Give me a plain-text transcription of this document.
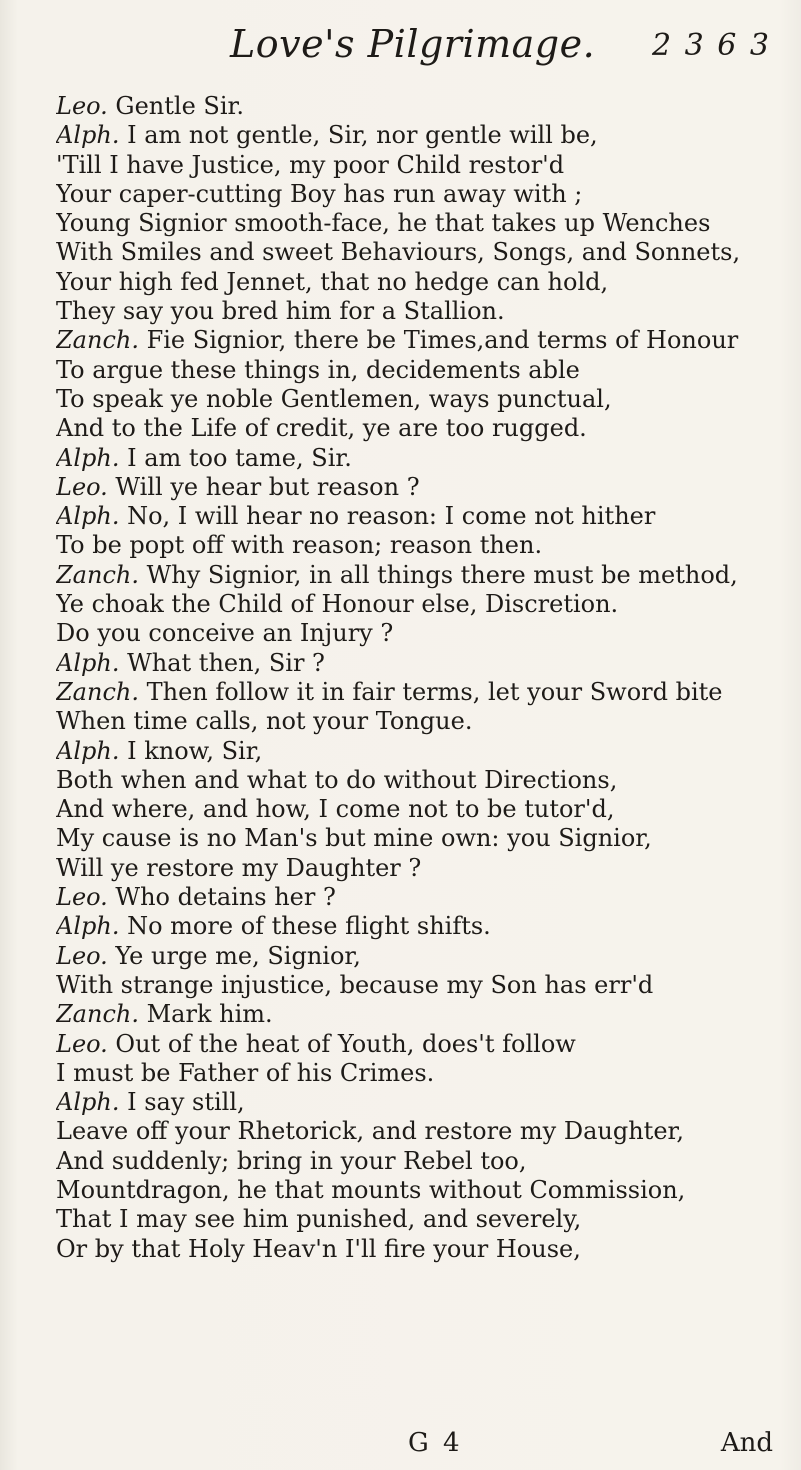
Love's Pilgrimage. 2 3 6 3
Leo. Gentle Sir.
Alph. I am not gentle, Sir, nor gentle will be,
'Till I have Justice, my poor Child restor'd
Your caper-cutting Boy has run away with ;
Young Signior smooth-face, he that takes up Wenches
With Smiles and sweet Behaviours, Songs, and Sonnets,
Your high fed Jennet, that no hedge can hold,
They say you bred him for a Stallion.
Zanch. Fie Signior, there be Times,and terms of Honour
To argue these things in, decidements able
To speak ye noble Gentlemen, ways punctual,
And to the Life of credit, ye are too rugged.
Alph. I am too tame, Sir.
Leo. Will ye hear but reason ?
Alph. No, I will hear no reason: I come not hither
To be popt off with reason; reason then.
Zanch. Why Signior, in all things there must be method,
Ye choak the Child of Honour else, Discretion.
Do you conceive an Injury ?
Alph. What then, Sir ?
Zanch. Then follow it in fair terms, let your Sword bite
When time calls, not your Tongue.
Alph. I know, Sir,
Both when and what to do without Directions,
And where, and how, I come not to be tutor'd,
My cause is no Man's but mine own: you Signior,
Will ye restore my Daughter ?
Leo. Who detains her ?
Alph. No more of these flight shifts.
Leo. Ye urge me, Signior,
With strange injustice, because my Son has err'd
Zanch. Mark him.
Leo. Out of the heat of Youth, does't follow
I must be Father of his Crimes.
Alph. I say still,
Leave off your Rhetorick, and restore my Daughter,
And suddenly; bring in your Rebel too,
Mountdragon, he that mounts without Commission,
That I may see him punished, and severely,
Or by that Holy Heav'n I'll fire your House,
G 4	And
